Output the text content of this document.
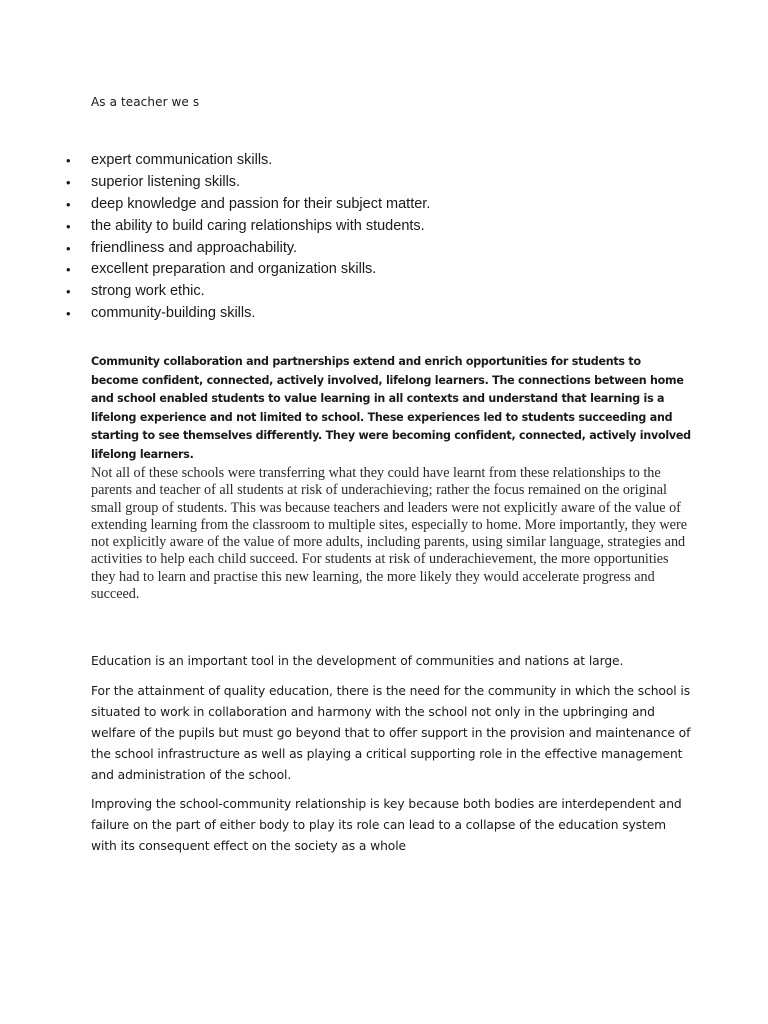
As a teacher we s

• expert communication skills.
• superior listening skills.
• deep knowledge and passion for their subject matter.
• the ability to build caring relationships with students.
• friendliness and approachability.
• excellent preparation and organization skills.
• strong work ethic.
• community-building skills.

Community collaboration and partnerships extend and enrich opportunities for students to become confident, connected, actively involved, lifelong learners. The connections between home and school enabled students to value learning in all contexts and understand that learning is a lifelong experience and not limited to school. These experiences led to students succeeding and starting to see themselves differently. They were becoming confident, connected, actively involved lifelong learners.

Not all of these schools were transferring what they could have learnt from these relationships to the parents and teacher of all students at risk of underachieving; rather the focus remained on the original small group of students. This was because teachers and leaders were not explicitly aware of the value of extending learning from the classroom to multiple sites, especially to home. More importantly, they were not explicitly aware of the value of more adults, including parents, using similar language, strategies and activities to help each child succeed. For students at risk of underachievement, the more opportunities they had to learn and practise this new learning, the more likely they would accelerate progress and succeed.

Education is an important tool in the development of communities and nations at large.

For the attainment of quality education, there is the need for the community in which the school is situated to work in collaboration and harmony with the school not only in the upbringing and welfare of the pupils but must go beyond that to offer support in the provision and maintenance of the school infrastructure as well as playing a critical supporting role in the effective management and administration of the school.

Improving the school-community relationship is key because both bodies are interdependent and failure on the part of either body to play its role can lead to a collapse of the education system with its consequent effect on the society as a whole
